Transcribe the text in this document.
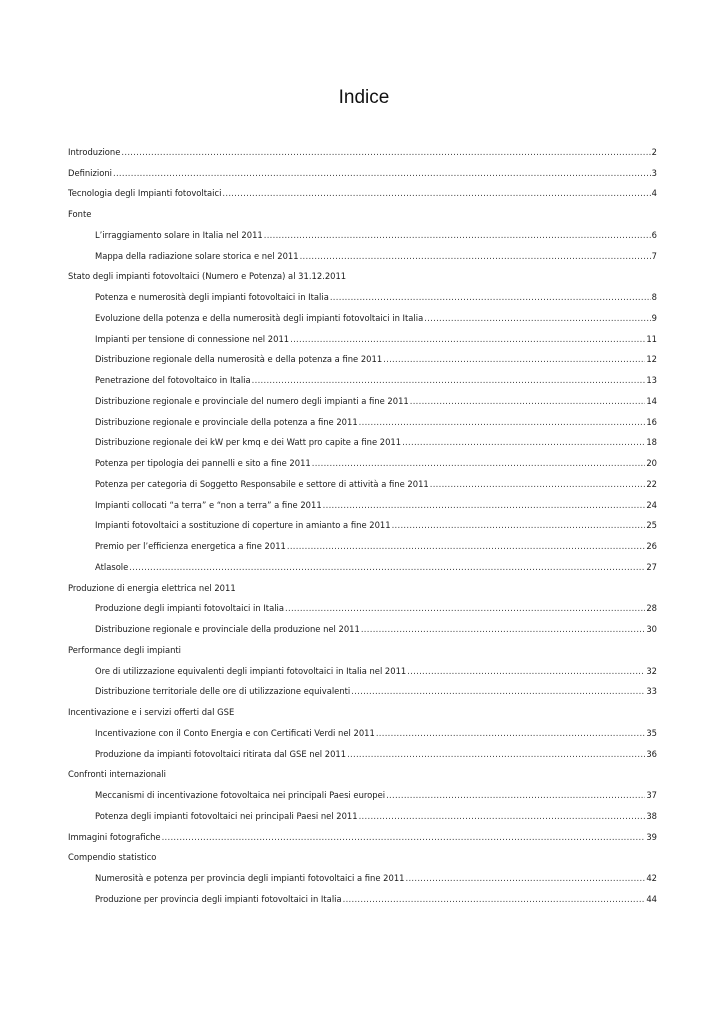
Indice
Introduzione .....	2
Definizioni .....	3
Tecnologia degli Impianti fotovoltaici .....	4
Fonte
L’irraggiamento solare in Italia nel 2011 .....	6
Mappa della radiazione solare storica e nel 2011 .....	7
Stato degli impianti fotovoltaici (Numero e Potenza) al 31.12.2011
Potenza e numerosità degli impianti fotovoltaici in Italia .....	8
Evoluzione della potenza e della numerosità degli impianti fotovoltaici in Italia .....	9
Impianti per tensione di connessione nel 2011 .....	11
Distribuzione regionale della numerosità e della potenza a fine 2011 .....	12
Penetrazione del fotovoltaico in Italia .....	13
Distribuzione regionale e provinciale del numero degli impianti a fine 2011 .....	14
Distribuzione regionale e provinciale della potenza a fine 2011 .....	16
Distribuzione regionale dei kW per kmq e dei Watt pro capite a fine 2011 .....	18
Potenza per tipologia dei pannelli e sito a fine 2011 .....	20
Potenza per categoria di Soggetto Responsabile e settore di attività a fine 2011 .....	22
Impianti collocati “a terra” e “non a terra” a fine 2011 .....	24
Impianti fotovoltaici a sostituzione di coperture in amianto a fine 2011 .....	25
Premio per l’efficienza energetica a fine 2011 .....	26
Atlasole .....	27
Produzione di energia elettrica nel 2011
Produzione degli impianti fotovoltaici in Italia .....	28
Distribuzione regionale e provinciale della produzione nel 2011 .....	30
Performance degli impianti
Ore di utilizzazione equivalenti degli impianti fotovoltaici in Italia nel 2011 .....	32
Distribuzione territoriale delle ore di utilizzazione equivalenti .....	33
Incentivazione e i servizi offerti dal GSE
Incentivazione con il Conto Energia e con Certificati Verdi nel 2011 .....	35
Produzione da impianti fotovoltaici ritirata dal GSE nel 2011 .....	36
Confronti internazionali
Meccanismi di incentivazione fotovoltaica nei principali Paesi europei .....	37
Potenza degli impianti fotovoltaici nei principali Paesi nel 2011 .....	38
Immagini fotografiche .....	39
Compendio statistico
Numerosità e potenza per provincia degli impianti fotovoltaici a fine 2011 .....	42
Produzione per provincia degli impianti fotovoltaici in Italia .....	44
